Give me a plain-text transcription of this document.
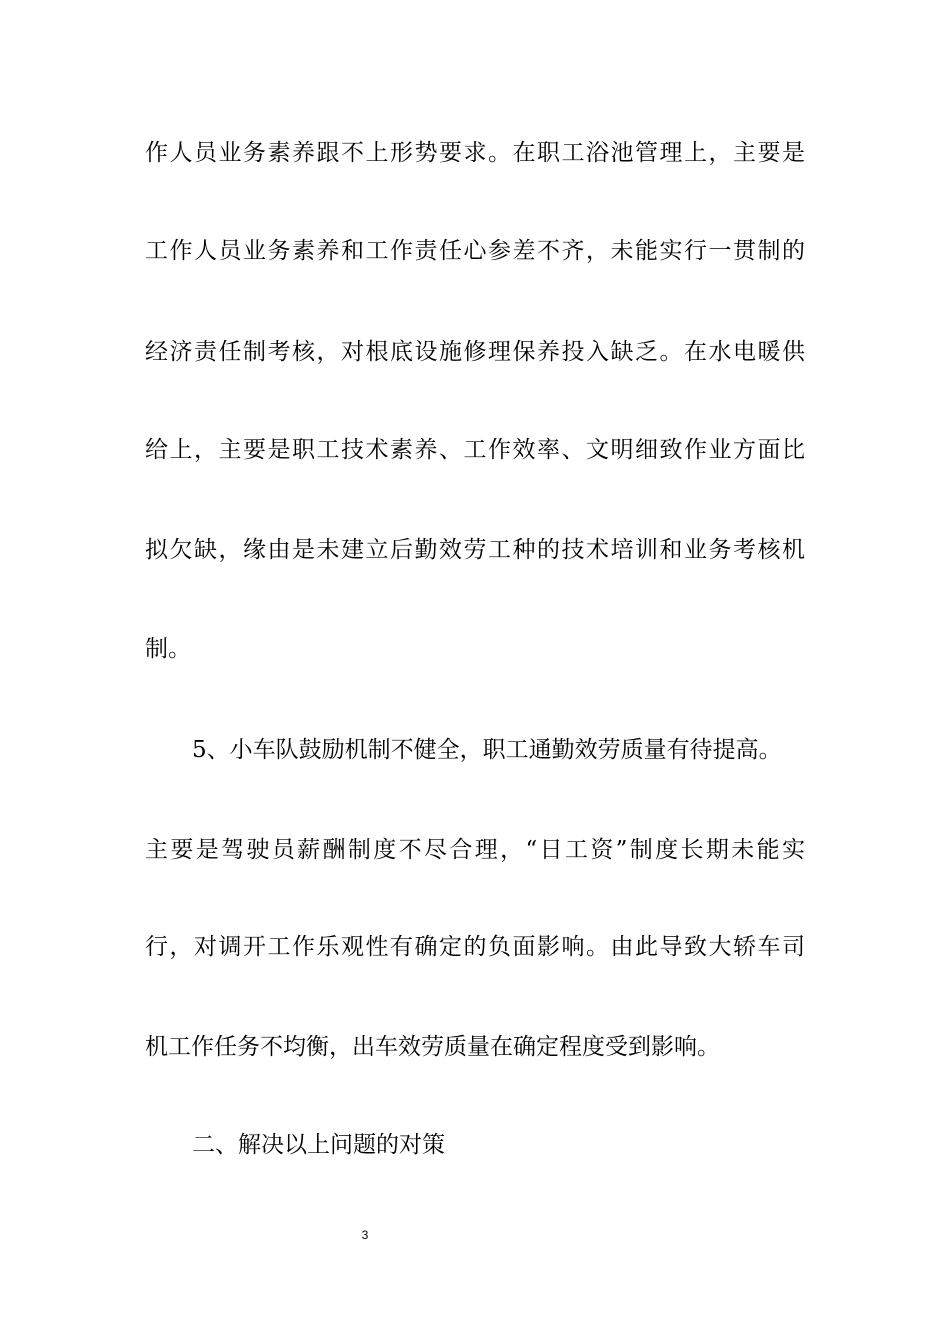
作人员业务素养跟不上形势要求。在职工浴池管理上，主要是
工作人员业务素养和工作责任心参差不齐，未能实行一贯制的
经济责任制考核，对根底设施修理保养投入缺乏。在水电暖供
给上，主要是职工技术素养、工作效率、文明细致作业方面比
拟欠缺，缘由是未建立后勤效劳工种的技术培训和业务考核机
制。
5、小车队鼓励机制不健全，职工通勤效劳质量有待提高。
主要是驾驶员薪酬制度不尽合理，“日工资”制度长期未能实
行，对调开工作乐观性有确定的负面影响。由此导致大轿车司
机工作任务不均衡，出车效劳质量在确定程度受到影响。
二、解决以上问题的对策
3
